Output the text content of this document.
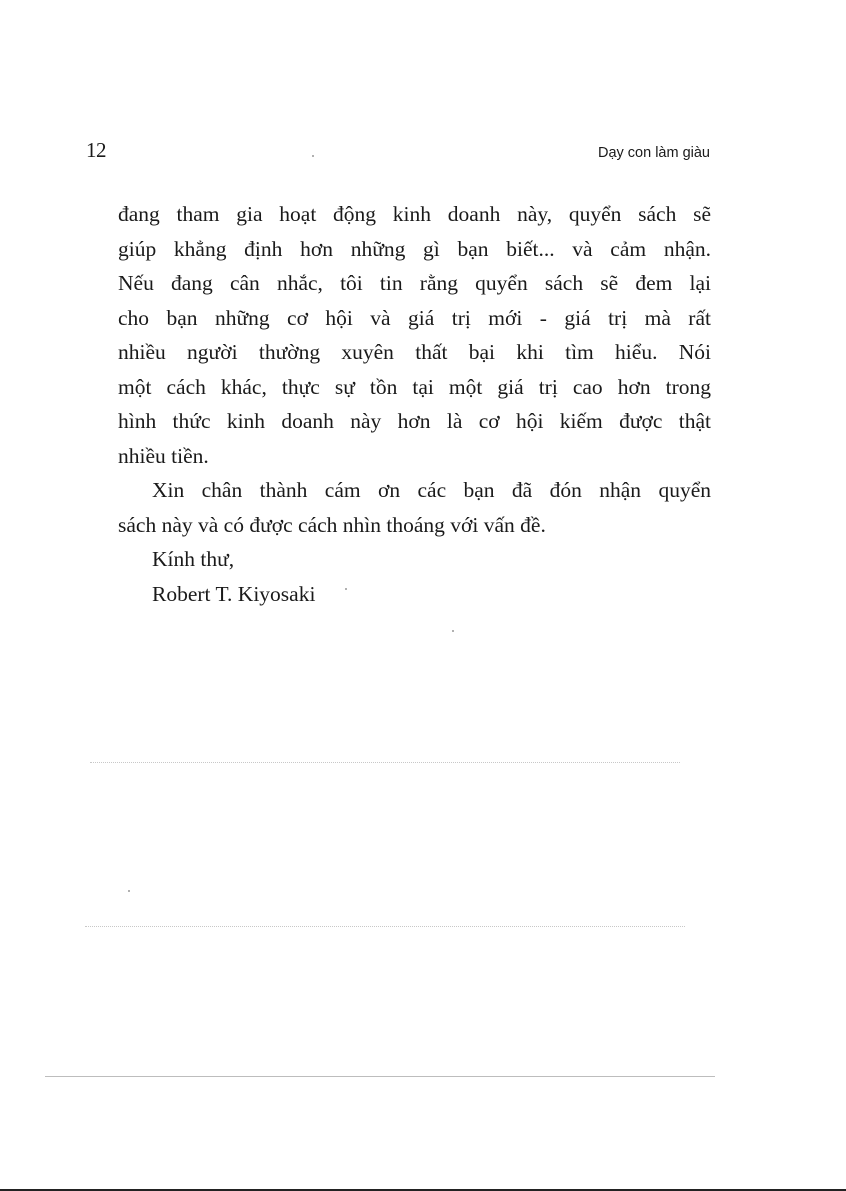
12	Dạy con làm giàu
đang tham gia hoạt động kinh doanh này, quyển sách sẽ
giúp khẳng định hơn những gì bạn biết... và cảm nhận.
Nếu đang cân nhắc, tôi tin rằng quyển sách sẽ đem lại
cho bạn những cơ hội và giá trị mới - giá trị mà rất
nhiều người thường xuyên thất bại khi tìm hiểu. Nói
một cách khác, thực sự tồn tại một giá trị cao hơn trong
hình thức kinh doanh này hơn là cơ hội kiếm được thật
nhiều tiền.
Xin chân thành cám ơn các bạn đã đón nhận quyển
sách này và có được cách nhìn thoáng với vấn đề.
Kính thư,
Robert T. Kiyosaki
